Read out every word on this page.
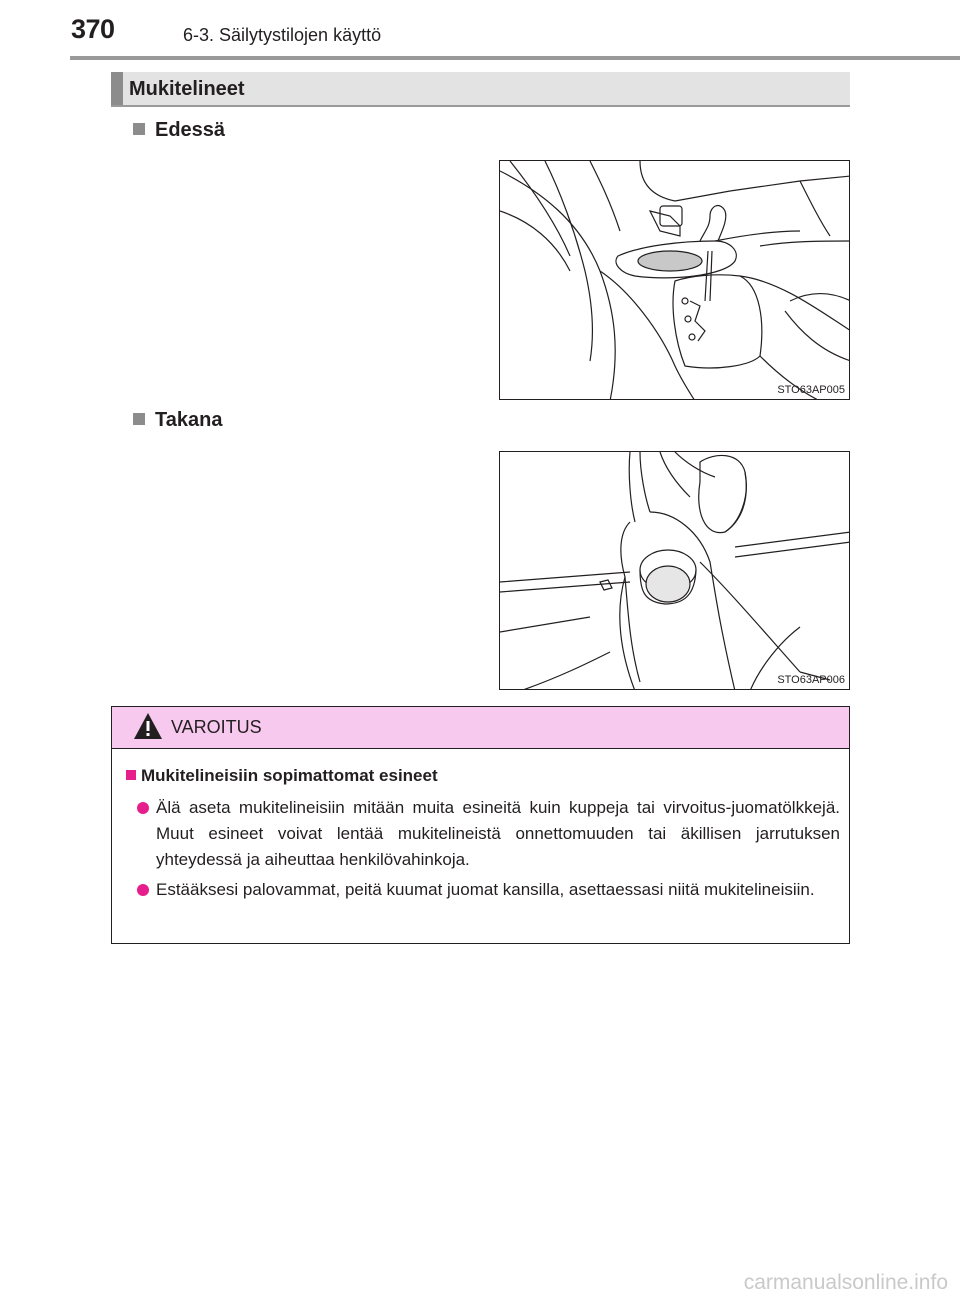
370	6-3. Säilytystilojen käyttö
Mukitelineet
Edessä
STO63AP005
Takana
STO63AP006
VAROITUS
Mukitelineisiin sopimattomat esineet

Älä aseta mukitelineisiin mitään muita esineitä kuin kuppeja tai virvoitus-juomatölkkejä. Muut esineet voivat lentää mukitelineistä onnettomuuden tai äkillisen jarrutuksen yhteydessä ja aiheuttaa henkilövahinkoja.

Estääksesi palovammat, peitä kuumat juomat kansilla, asettaessasi niitä mukitelineisiin.

carmanualsonline.info
